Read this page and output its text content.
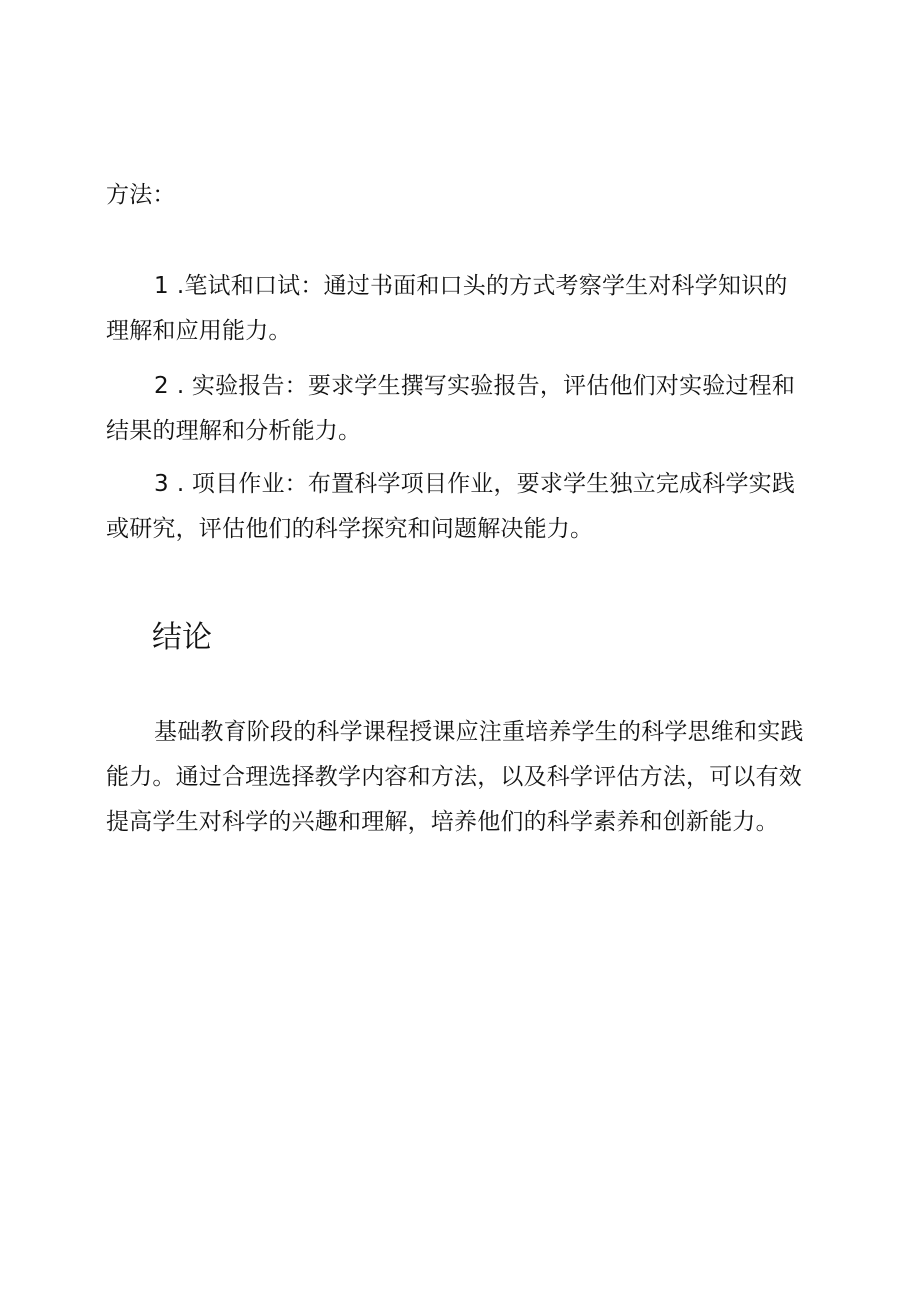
方法：
1 .笔试和口试：通过书面和口头的方式考察学生对科学知识的理解和应用能力。
2 . 实验报告：要求学生撰写实验报告，评估他们对实验过程和结果的理解和分析能力。
3 . 项目作业：布置科学项目作业，要求学生独立完成科学实践或研究，评估他们的科学探究和问题解决能力。
结论
基础教育阶段的科学课程授课应注重培养学生的科学思维和实践能力。通过合理选择教学内容和方法，以及科学评估方法，可以有效提高学生对科学的兴趣和理解，培养他们的科学素养和创新能力。
